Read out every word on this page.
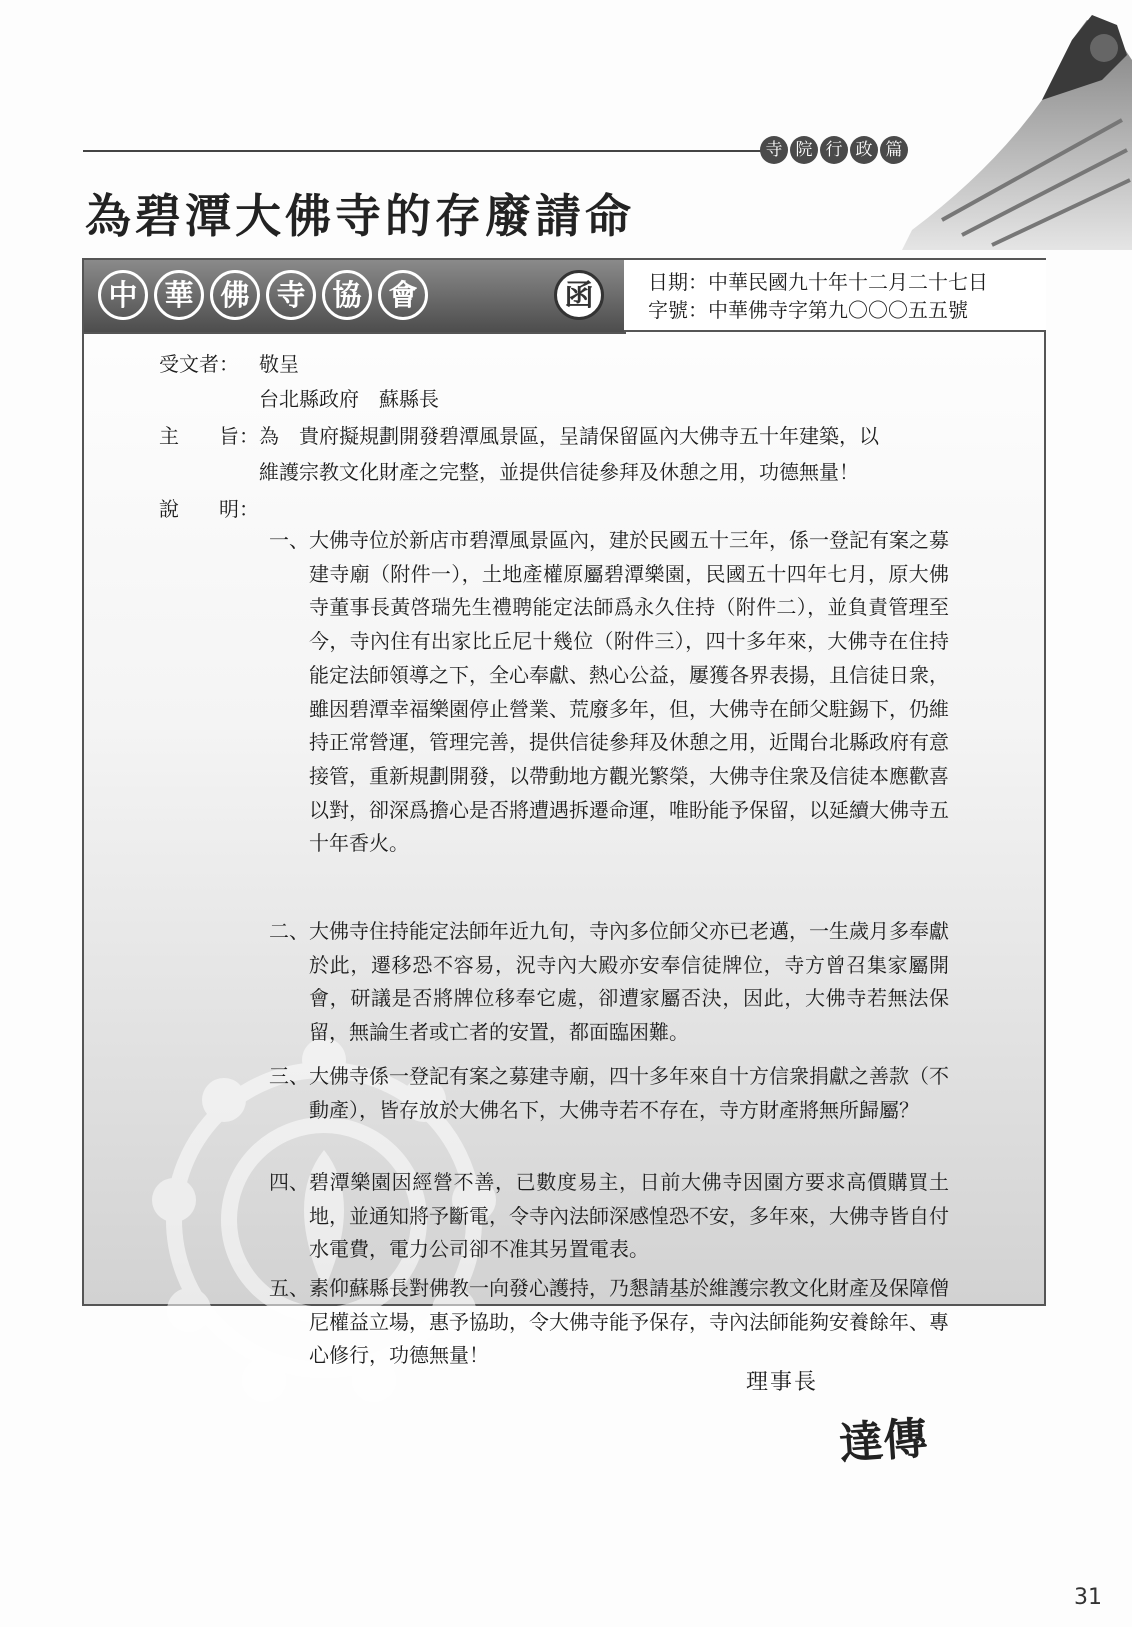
寺 院 行 政 篇
為碧潭大佛寺的存廢請命
中 華 佛 寺 協 會	函	日期：中華民國九十年十二月二十七日
字號：中華佛寺字第九〇〇〇五五號
受文者：	敬呈
台北縣政府　蘇縣長
主　　旨： 為　貴府擬規劃開發碧潭風景區，呈請保留區內大佛寺五十年建築，以
維護宗教文化財產之完整，並提供信徒參拜及休憩之用，功德無量！
說　　明：
一、 大佛寺位於新店市碧潭風景區內，建於民國五十三年，係一登記有案之募建寺廟（附件一），土地產權原屬碧潭樂園，民國五十四年七月，原大佛寺董事長黃啓瑞先生禮聘能定法師爲永久住持（附件二），並負責管理至今，寺內住有出家比丘尼十幾位（附件三），四十多年來，大佛寺在住持能定法師領導之下，全心奉獻、熱心公益，屢獲各界表揚，且信徒日衆，雖因碧潭幸福樂園停止營業、荒廢多年，但，大佛寺在師父駐錫下，仍維持正常營運，管理完善，提供信徒參拜及休憩之用，近聞台北縣政府有意接管，重新規劃開發，以帶動地方觀光繁榮，大佛寺住衆及信徒本應歡喜以對，卻深爲擔心是否將遭遇拆遷命運，唯盼能予保留，以延續大佛寺五十年香火。
二、 大佛寺住持能定法師年近九旬，寺內多位師父亦已老邁，一生歲月多奉獻於此，遷移恐不容易，況寺內大殿亦安奉信徒牌位，寺方曾召集家屬開會，研議是否將牌位移奉它處，卻遭家屬否決，因此，大佛寺若無法保留，無論生者或亡者的安置，都面臨困難。
三、 大佛寺係一登記有案之募建寺廟，四十多年來自十方信衆捐獻之善款（不動產），皆存放於大佛名下，大佛寺若不存在，寺方財產將無所歸屬？
四、 碧潭樂園因經營不善，已數度易主，日前大佛寺因園方要求高價購買土地，並通知將予斷電，令寺內法師深感惶恐不安，多年來，大佛寺皆自付水電費，電力公司卻不准其另置電表。
五、 素仰蘇縣長對佛教一向發心護持，乃懇請基於維護宗教文化財產及保障僧尼權益立場，惠予協助，令大佛寺能予保存，寺內法師能夠安養餘年、專心修行，功德無量！
理事長
達傳
31
